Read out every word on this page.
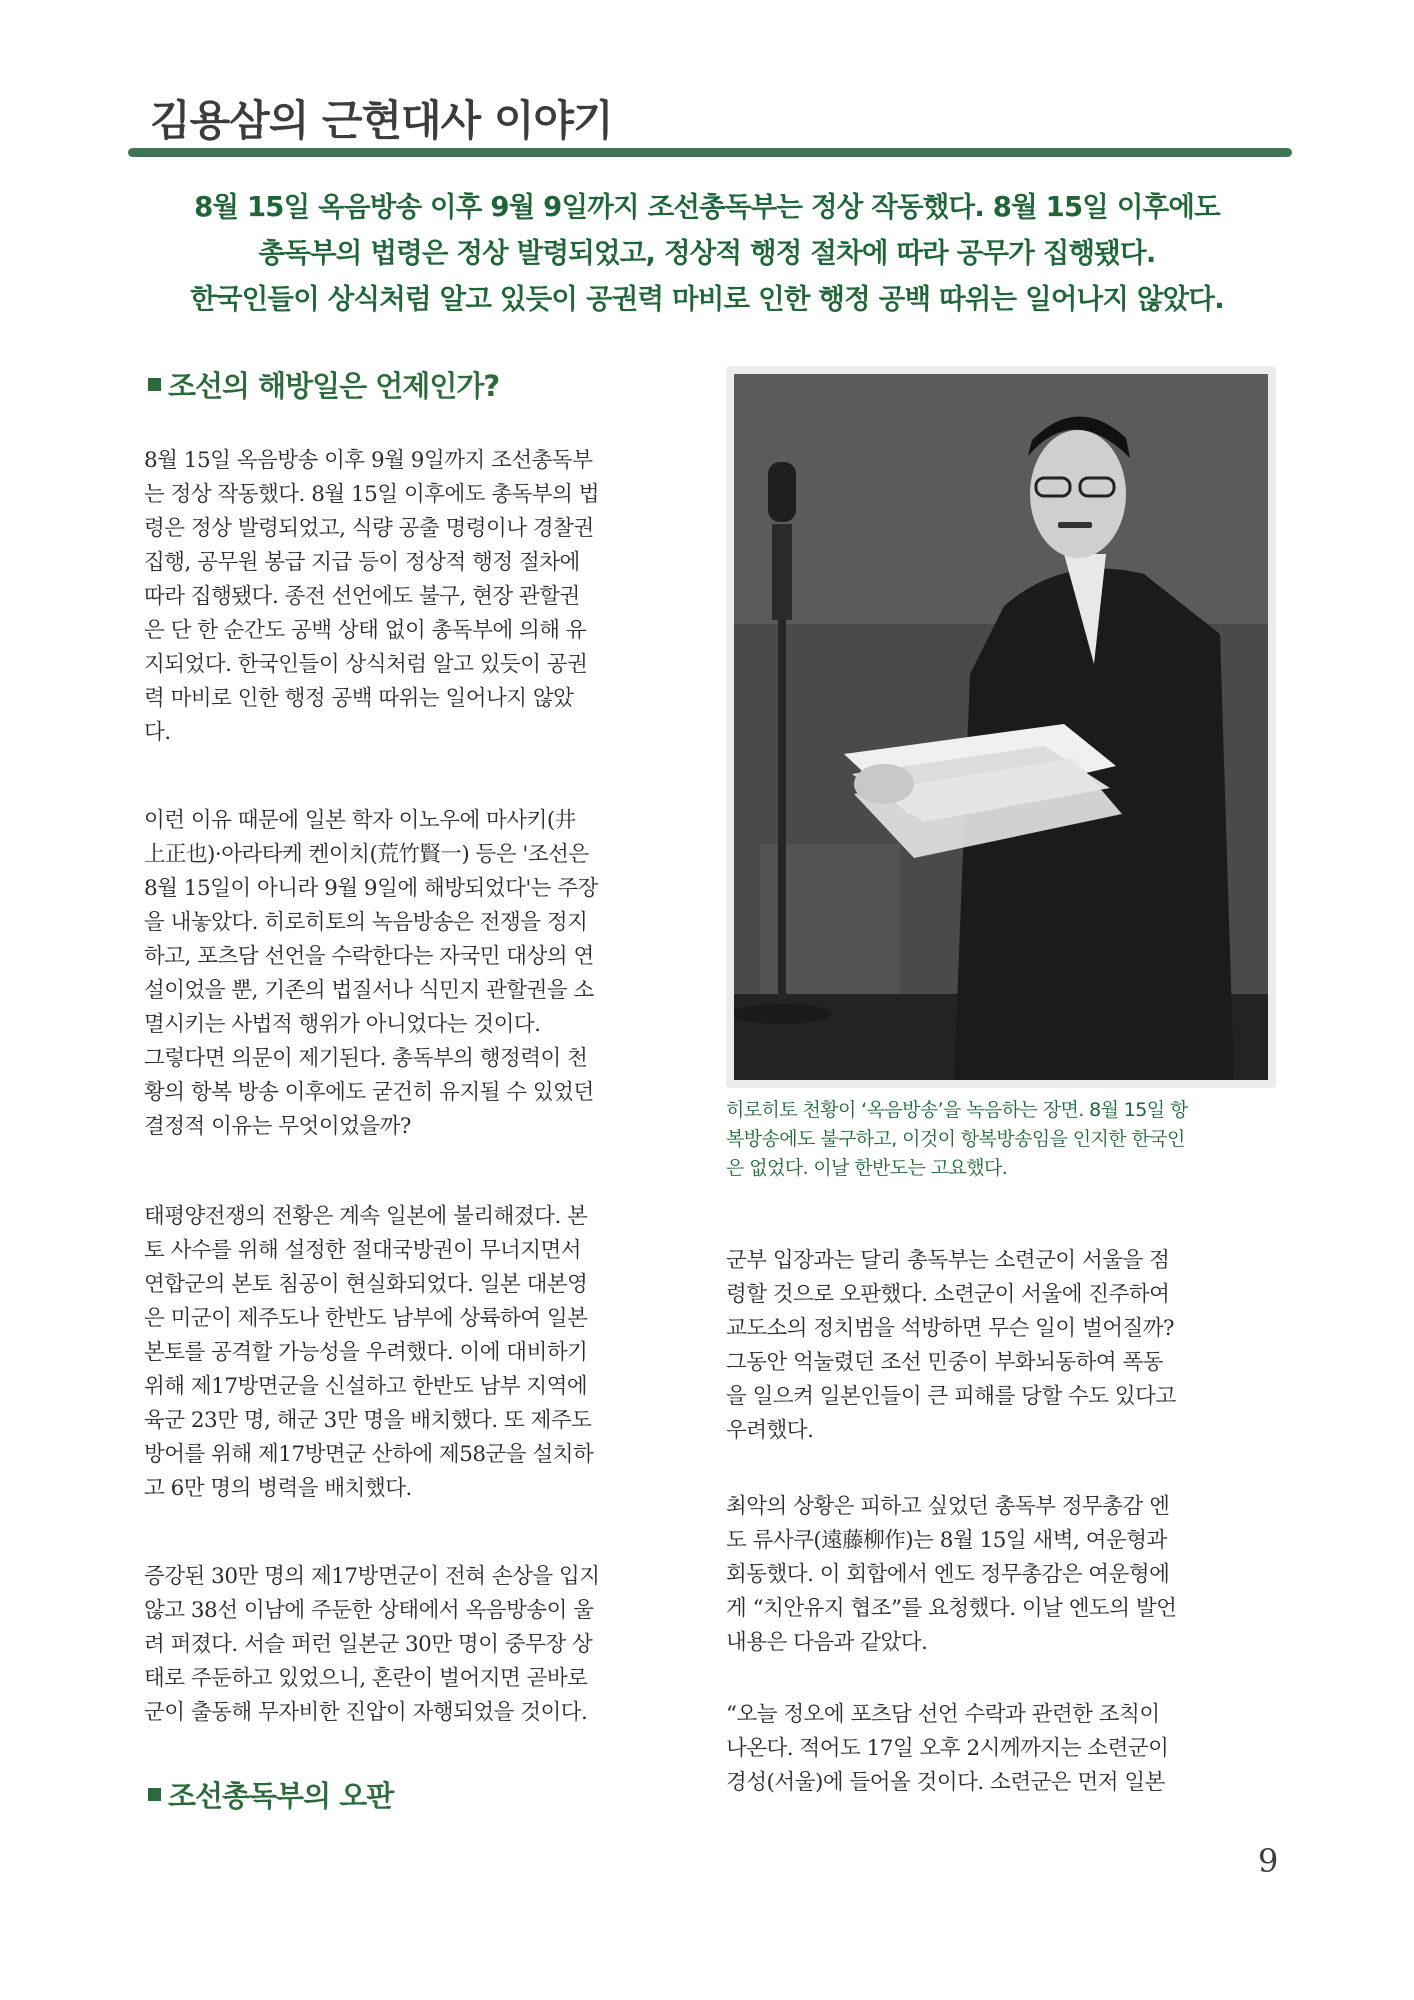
김용삼의 근현대사 이야기
8월 15일 옥음방송 이후 9월 9일까지 조선총독부는 정상 작동했다. 8월 15일 이후에도
총독부의 법령은 정상 발령되었고, 정상적 행정 절차에 따라 공무가 집행됐다.
한국인들이 상식처럼 알고 있듯이 공권력 마비로 인한 행정 공백 따위는 일어나지 않았다.
조선의 해방일은 언제인가?
8월 15일 옥음방송 이후 9월 9일까지 조선총독부
는 정상 작동했다. 8월 15일 이후에도 총독부의 법
령은 정상 발령되었고, 식량 공출 명령이나 경찰권
집행, 공무원 봉급 지급 등이 정상적 행정 절차에
따라 집행됐다. 종전 선언에도 불구, 현장 관할권
은 단 한 순간도 공백 상태 없이 총독부에 의해 유
지되었다. 한국인들이 상식처럼 알고 있듯이 공권
력 마비로 인한 행정 공백 따위는 일어나지 않았
다.
이런 이유 때문에 일본 학자 이노우에 마사키(井
上正也)·아라타케 켄이치(荒竹賢一) 등은 '조선은
8월 15일이 아니라 9월 9일에 해방되었다'는 주장
을 내놓았다. 히로히토의 녹음방송은 전쟁을 정지
하고, 포츠담 선언을 수락한다는 자국민 대상의 연
설이었을 뿐, 기존의 법질서나 식민지 관할권을 소
멸시키는 사법적 행위가 아니었다는 것이다.
그렇다면 의문이 제기된다. 총독부의 행정력이 천
황의 항복 방송 이후에도 굳건히 유지될 수 있었던
결정적 이유는 무엇이었을까?
태평양전쟁의 전황은 계속 일본에 불리해졌다. 본
토 사수를 위해 설정한 절대국방권이 무너지면서
연합군의 본토 침공이 현실화되었다. 일본 대본영
은 미군이 제주도나 한반도 남부에 상륙하여 일본
본토를 공격할 가능성을 우려했다. 이에 대비하기
위해 제17방면군을 신설하고 한반도 남부 지역에
육군 23만 명, 해군 3만 명을 배치했다. 또 제주도
방어를 위해 제17방면군 산하에 제58군을 설치하
고 6만 명의 병력을 배치했다.
증강된 30만 명의 제17방면군이 전혀 손상을 입지
않고 38선 이남에 주둔한 상태에서 옥음방송이 울
려 퍼졌다. 서슬 퍼런 일본군 30만 명이 중무장 상
태로 주둔하고 있었으니, 혼란이 벌어지면 곧바로
군이 출동해 무자비한 진압이 자행되었을 것이다.
조선총독부의 오판
히로히토 천황이 ‘옥음방송’을 녹음하는 장면. 8월 15일 항
복방송에도 불구하고, 이것이 항복방송임을 인지한 한국인
은 없었다. 이날 한반도는 고요했다.
군부 입장과는 달리 총독부는 소련군이 서울을 점
령할 것으로 오판했다. 소련군이 서울에 진주하여
교도소의 정치범을 석방하면 무슨 일이 벌어질까?
그동안 억눌렸던 조선 민중이 부화뇌동하여 폭동
을 일으켜 일본인들이 큰 피해를 당할 수도 있다고
우려했다.
최악의 상황은 피하고 싶었던 총독부 정무총감 엔
도 류사쿠(遠藤柳作)는 8월 15일 새벽, 여운형과
회동했다. 이 회합에서 엔도 정무총감은 여운형에
게 “치안유지 협조”를 요청했다. 이날 엔도의 발언
내용은 다음과 같았다.
“오늘 정오에 포츠담 선언 수락과 관련한 조칙이
나온다. 적어도 17일 오후 2시께까지는 소련군이
경성(서울)에 들어올 것이다. 소련군은 먼저 일본
9
